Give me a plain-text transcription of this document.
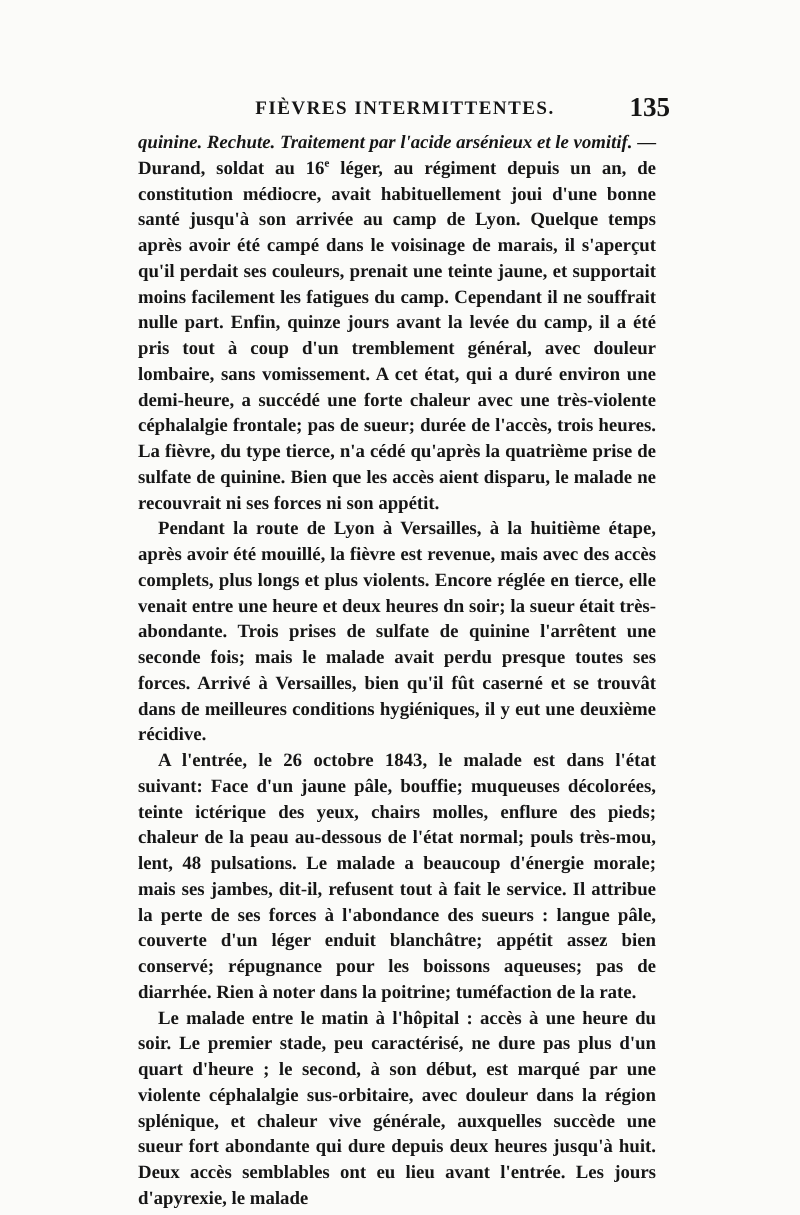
FIÈVRES INTERMITTENTES.	135

quinine. Rechute. Traitement par l'acide arsénieux et le vomitif. — Durand, soldat au 16e léger, au régiment depuis un an, de constitution médiocre, avait habituellement joui d'une bonne santé jusqu'à son arrivée au camp de Lyon. Quelque temps après avoir été campé dans le voisinage de marais, il s'aperçut qu'il perdait ses couleurs, prenait une teinte jaune, et supportait moins facilement les fatigues du camp. Cependant il ne souffrait nulle part. Enfin, quinze jours avant la levée du camp, il a été pris tout à coup d'un tremblement général, avec douleur lombaire, sans vomissement. A cet état, qui a duré environ une demi-heure, a succédé une forte chaleur avec une très-violente céphalalgie frontale; pas de sueur; durée de l'accès, trois heures. La fièvre, du type tierce, n'a cédé qu'après la quatrième prise de sulfate de quinine. Bien que les accès aient disparu, le malade ne recouvrait ni ses forces ni son appétit.

Pendant la route de Lyon à Versailles, à la huitième étape, après avoir été mouillé, la fièvre est revenue, mais avec des accès complets, plus longs et plus violents. Encore réglée en tierce, elle venait entre une heure et deux heures dn soir; la sueur était très-abondante. Trois prises de sulfate de quinine l'arrêtent une seconde fois; mais le malade avait perdu presque toutes ses forces. Arrivé à Versailles, bien qu'il fût caserné et se trouvât dans de meilleures conditions hygiéniques, il y eut une deuxième récidive.

A l'entrée, le 26 octobre 1843, le malade est dans l'état suivant: Face d'un jaune pâle, bouffie; muqueuses décolorées, teinte ictérique des yeux, chairs molles, enflure des pieds; chaleur de la peau au-dessous de l'état normal; pouls très-mou, lent, 48 pulsations. Le malade a beaucoup d'énergie morale; mais ses jambes, dit-il, refusent tout à fait le service. Il attribue la perte de ses forces à l'abondance des sueurs : langue pâle, couverte d'un léger enduit blanchâtre; appétit assez bien conservé; répugnance pour les boissons aqueuses; pas de diarrhée. Rien à noter dans la poitrine; tuméfaction de la rate.

Le malade entre le matin à l'hôpital : accès à une heure du soir. Le premier stade, peu caractérisé, ne dure pas plus d'un quart d'heure ; le second, à son début, est marqué par une violente céphalalgie sus-orbitaire, avec douleur dans la région splénique, et chaleur vive générale, auxquelles succède une sueur fort abondante qui dure depuis deux heures jusqu'à huit. Deux accès semblables ont eu lieu avant l'entrée. Les jours d'apyrexie, le malade
